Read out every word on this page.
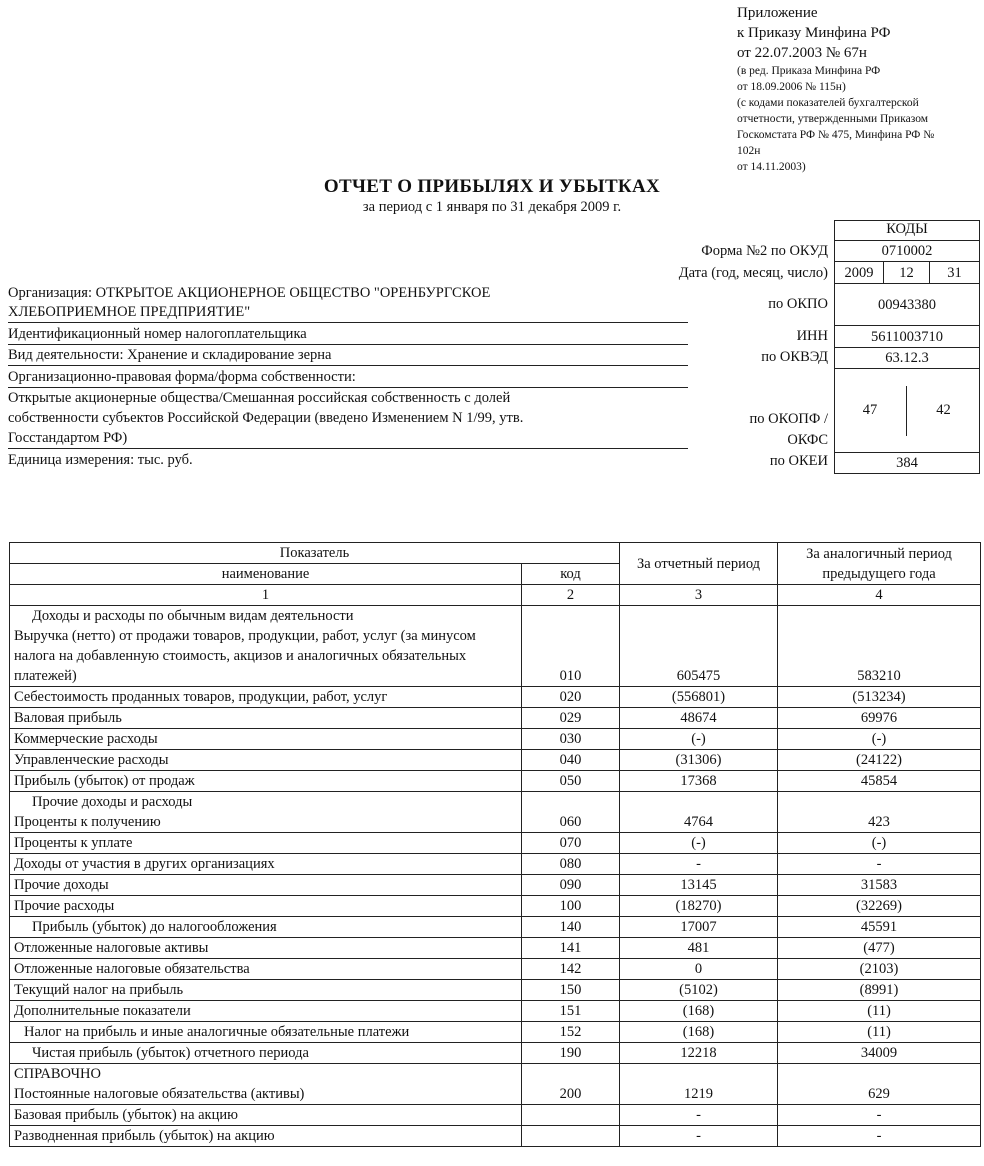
Приложение
к Приказу Минфина РФ
от 22.07.2003 № 67н
(в ред. Приказа Минфина РФ
от 18.09.2006 № 115н)
(с кодами показателей бухгалтерской
отчетности, утвержденными Приказом
Госкомстата РФ № 475, Минфина РФ №
102н
от 14.11.2003)
ОТЧЕТ О ПРИБЫЛЯХ И УБЫТКАХ
за период с 1 января по 31 декабря 2009 г.
КОДЫ
Форма №2 по ОКУД	0710002
Дата (год, месяц, число)	2009	12	31
по ОКПО	00943380
ИНН	5611003710
по ОКВЭД	63.12.3
по ОКОПФ /
ОКФС
47	42
по ОКЕИ	384
Организация: ОТКРЫТОЕ АКЦИОНЕРНОЕ ОБЩЕСТВО "ОРЕНБУРГСКОЕ
ХЛЕБОПРИЕМНОЕ ПРЕДПРИЯТИЕ"
Идентификационный номер налогоплательщика
Вид деятельности: Хранение и складирование зерна
Организационно-правовая форма/форма собственности:
Открытые акционерные общества/Смешанная российская собственность с долей
собственности субъектов Российской Федерации (введено Изменением N 1/99, утв.
Госстандартом РФ)
Единица измерения: тыс. руб.
Показатель		За отчетный период	За аналогичный период предыдущего года
наименование	код		
1	2	3	4
Доходы и расходы по обычным видам деятельности			
Выручка (нетто) от продажи товаров, продукции, работ, услуг (за минусом налога на добавленную стоимость, акцизов и аналогичных обязательных платежей)	010	605475	583210
Себестоимость проданных товаров, продукции, работ, услуг	020	(556801)	(513234)
Валовая прибыль	029	48674	69976
Коммерческие расходы	030	(-)	(-)
Управленческие расходы	040	(31306)	(24122)
Прибыль (убыток) от продаж	050	17368	45854
Прочие доходы и расходы			
Проценты к получению	060	4764	423
Проценты к уплате	070	(-)	(-)
Доходы от участия в других организациях	080	-	-
Прочие доходы	090	13145	31583
Прочие расходы	100	(18270)	(32269)
Прибыль (убыток) до налогообложения	140	17007	45591
Отложенные налоговые активы	141	481	(477)
Отложенные налоговые обязательства	142	0	(2103)
Текущий налог на прибыль	150	(5102)	(8991)
Дополнительные показатели	151	(168)	(11)
Налог на прибыль и иные аналогичные обязательные платежи	152	(168)	(11)
Чистая прибыль (убыток) отчетного периода	190	12218	34009
СПРАВОЧНО			
Постоянные налоговые обязательства (активы)	200	1219	629
Базовая прибыль (убыток) на акцию		-	-
Разводненная прибыль (убыток) на акцию		-	-
